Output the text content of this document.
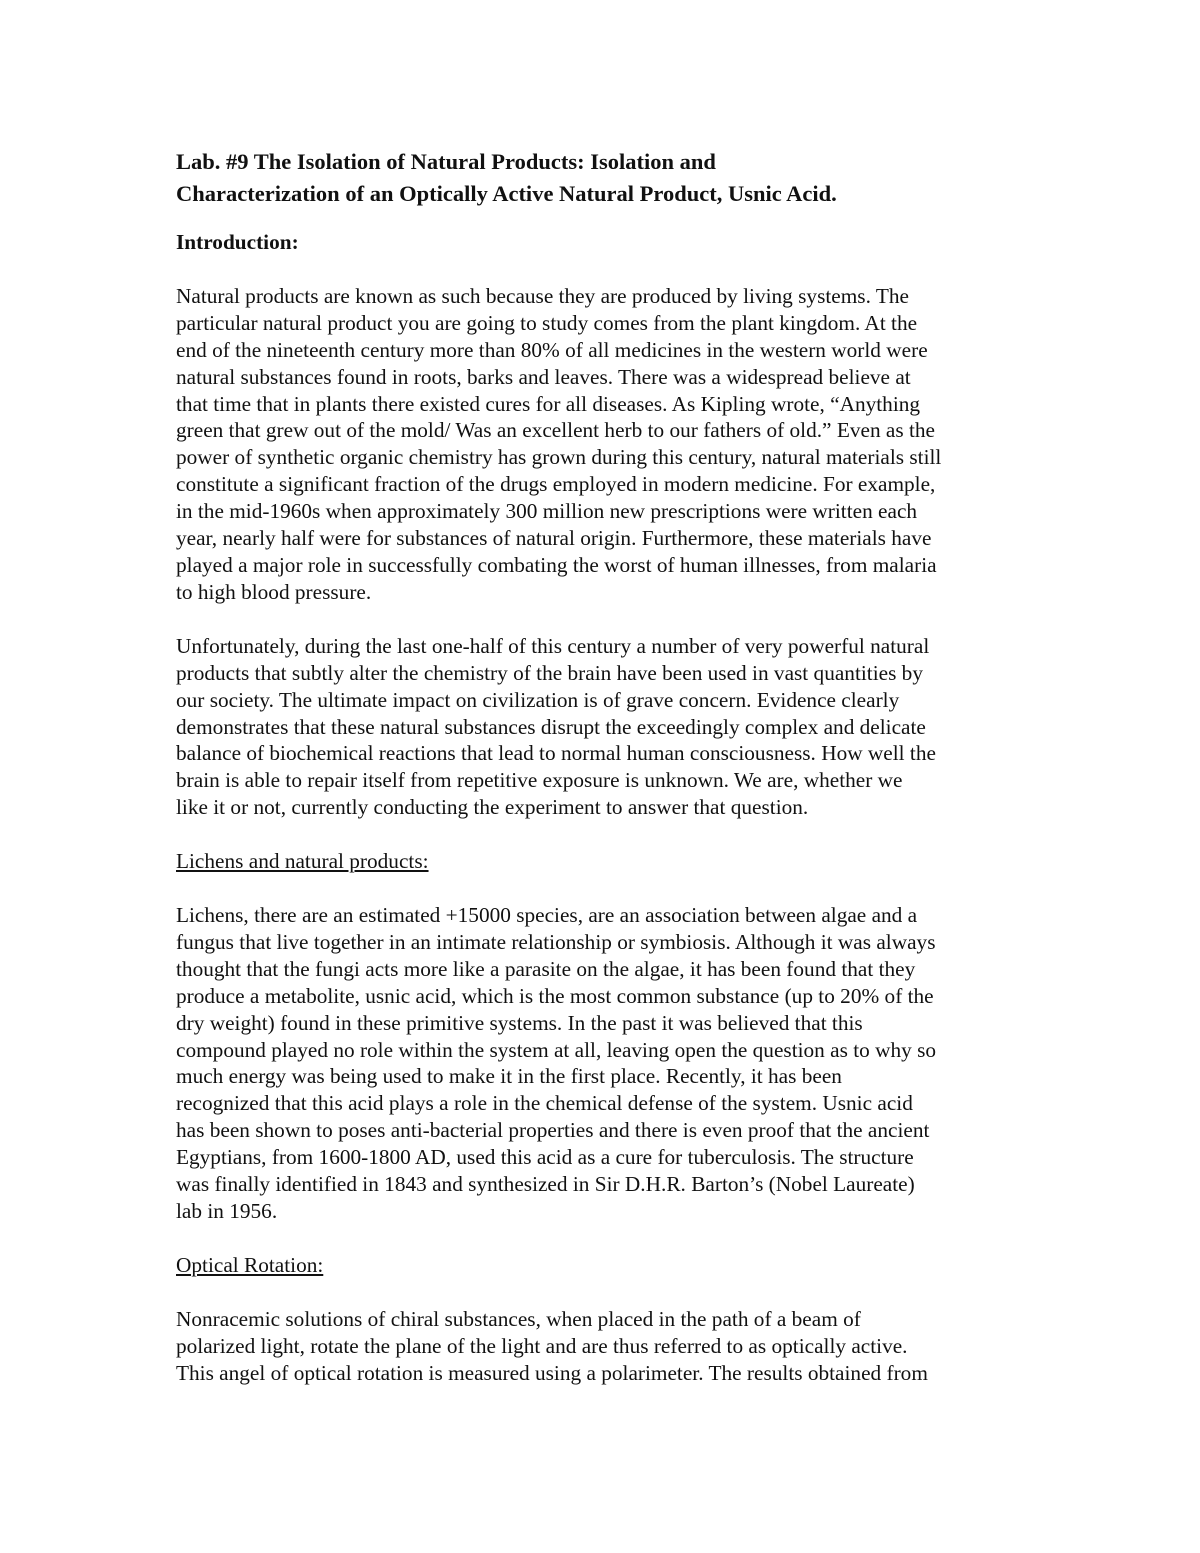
Lab. #9 The Isolation of Natural Products: Isolation and
Characterization of an Optically Active Natural Product, Usnic Acid.
Introduction:
Natural products are known as such because they are produced by living systems. The
particular natural product you are going to study comes from the plant kingdom. At the
end of the nineteenth century more than 80% of all medicines in the western world were
natural substances found in roots, barks and leaves. There was a widespread believe at
that time that in plants there existed cures for all diseases. As Kipling wrote, “Anything
green that grew out of the mold/ Was an excellent herb to our fathers of old.” Even as the
power of synthetic organic chemistry has grown during this century, natural materials still
constitute a significant fraction of the drugs employed in modern medicine. For example,
in the mid-1960s when approximately 300 million new prescriptions were written each
year, nearly half were for substances of natural origin. Furthermore, these materials have
played a major role in successfully combating the worst of human illnesses, from malaria
to high blood pressure.
Unfortunately, during the last one-half of this century a number of very powerful natural
products that subtly alter the chemistry of the brain have been used in vast quantities by
our society. The ultimate impact on civilization is of grave concern. Evidence clearly
demonstrates that these natural substances disrupt the exceedingly complex and delicate
balance of biochemical reactions that lead to normal human consciousness. How well the
brain is able to repair itself from repetitive exposure is unknown. We are, whether we
like it or not, currently conducting the experiment to answer that question.
Lichens and natural products:
Lichens, there are an estimated +15000 species, are an association between algae and a
fungus that live together in an intimate relationship or symbiosis. Although it was always
thought that the fungi acts more like a parasite on the algae, it has been found that they
produce a metabolite, usnic acid, which is the most common substance (up to 20% of the
dry weight) found in these primitive systems. In the past it was believed that this
compound played no role within the system at all, leaving open the question as to why so
much energy was being used to make it in the first place. Recently, it has been
recognized that this acid plays a role in the chemical defense of the system. Usnic acid
has been shown to poses anti-bacterial properties and there is even proof that the ancient
Egyptians, from 1600-1800 AD, used this acid as a cure for tuberculosis. The structure
was finally identified in 1843 and synthesized in Sir D.H.R. Barton’s (Nobel Laureate)
lab in 1956.
Optical Rotation:
Nonracemic solutions of chiral substances, when placed in the path of a beam of
polarized light, rotate the plane of the light and are thus referred to as optically active.
This angel of optical rotation is measured using a polarimeter. The results obtained from
